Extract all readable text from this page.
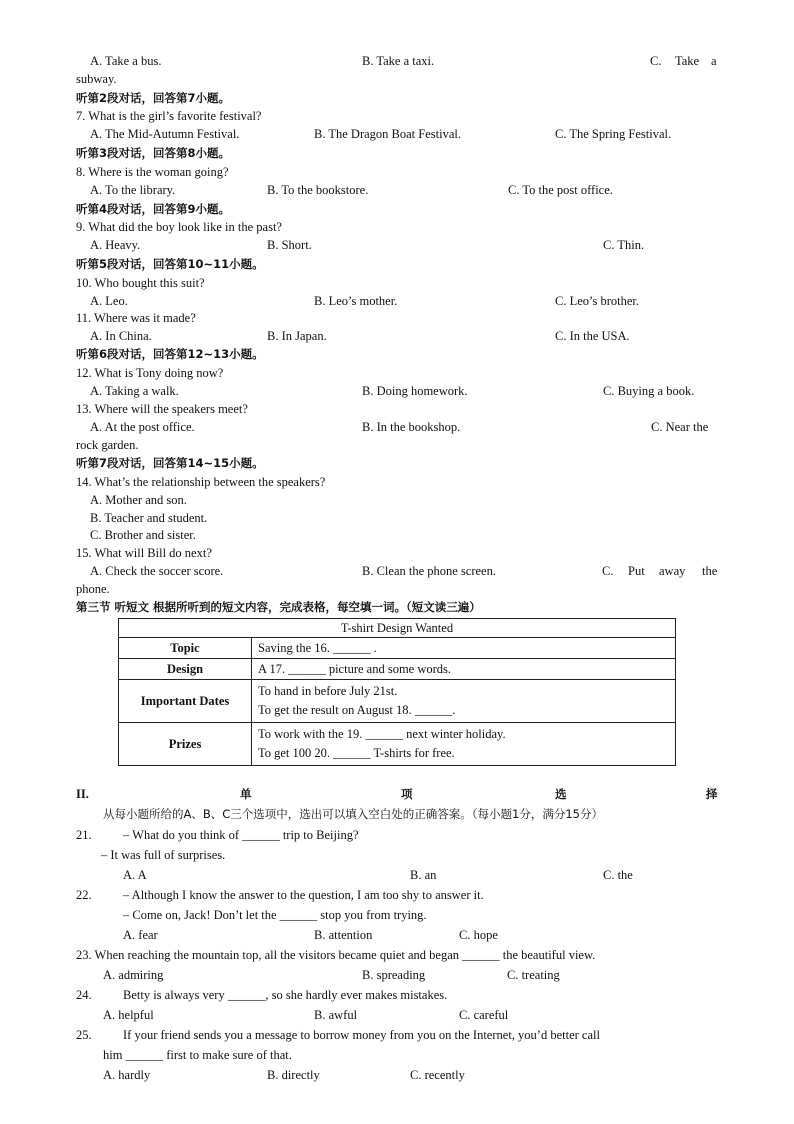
A. Take a bus.	B. Take a taxi.	C. Take a
subway.
听第2段对话，回答第7小题。
7. What is the girl’s favorite festival?
A. The Mid-Autumn Festival.	B. The Dragon Boat Festival.	C. The Spring Festival.
听第3段对话，回答第8小题。
8. Where is the woman going?
A. To the library.	B. To the bookstore.	C. To the post office.
听第4段对话，回答第9小题。
9. What did the boy look like in the past?
A. Heavy.	B. Short.	C. Thin.
听第5段对话，回答第10~11小题。
10. Who bought this suit?
A. Leo.	B. Leo’s mother.	C. Leo’s brother.
11. Where was it made?
A. In China.	B. In Japan.	C. In the USA.
听第6段对话，回答第12~13小题。
12. What is Tony doing now?
A. Taking a walk.	B. Doing homework.	C. Buying a book.
13. Where will the speakers meet?
A. At the post office.	B. In the bookshop.	C. Near the
rock garden.
听第7段对话，回答第14~15小题。
14. What’s the relationship between the speakers?
A. Mother and son.
B. Teacher and student.
C. Brother and sister.
15. What will Bill do next?
A. Check the soccer score.	B. Clean the phone screen.	C. Put away the
phone.
第三节 听短文 根据所听到的短文内容，完成表格，每空填一词。（短文读三遍）
T-shirt Design Wanted	
Topic	Saving the 16. ______ .
Design	A 17. ______ picture and some words.
Important Dates	To hand in before July 21st.
To get the result on August 18. ______.

Prizes	To work with the 19. ______ next winter holiday.
To get 100 20. ______ T-shirts for free.
II.	单	项	选	择
从每小题所给的A、B、C三个选项中，选出可以填入空白处的正确答案。（每小题1分，满分15分）
21.	– What do you think of ______ trip to Beijing?
– It was full of surprises.
A. A	B. an	C. the
22.	– Although I know the answer to the question, I am too shy to answer it.
– Come on, Jack! Don’t let the ______ stop you from trying.
A. fear	B. attention	C. hope
23. When reaching the mountain top, all the visitors became quiet and began ______ the beautiful view.
A. admiring	B. spreading	C. treating
24.	Betty is always very ______, so she hardly ever makes mistakes.
A. helpful	B. awful	C. careful
25.	If your friend sends you a message to borrow money from you on the Internet, you’d better call
him ______ first to make sure of that.
A. hardly	B. directly	C. recently
